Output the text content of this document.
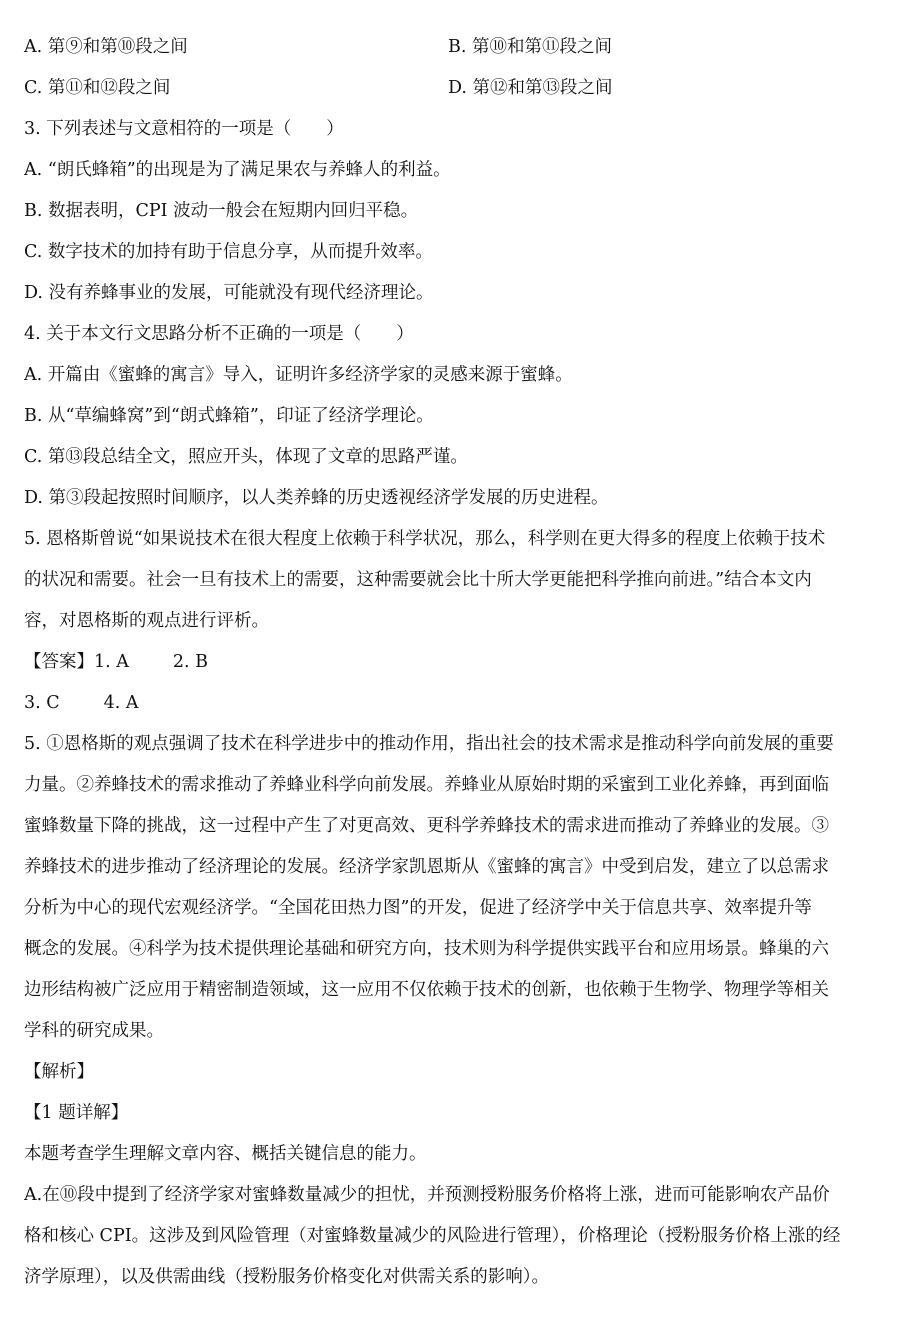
A. 第⑨和第⑩段之间	B. 第⑩和第⑪段之间
C. 第⑪和⑫段之间	D. 第⑫和第⑬段之间
3. 下列表述与文意相符的一项是（　　）
A. “朗氏蜂箱”的出现是为了满足果农与养蜂人的利益。
B. 数据表明，CPI 波动一般会在短期内回归平稳。
C. 数字技术的加持有助于信息分享，从而提升效率。
D. 没有养蜂事业的发展，可能就没有现代经济理论。
4. 关于本文行文思路分析不正确的一项是（　　）
A. 开篇由《蜜蜂的寓言》导入，证明许多经济学家的灵感来源于蜜蜂。
B. 从“草编蜂窝”到“朗式蜂箱”，印证了经济学理论。
C. 第⑬段总结全文，照应开头，体现了文章的思路严谨。
D. 第③段起按照时间顺序，以人类养蜂的历史透视经济学发展的历史进程。
5. 恩格斯曾说“如果说技术在很大程度上依赖于科学状况，那么，科学则在更大得多的程度上依赖于技术
的状况和需要。社会一旦有技术上的需要，这种需要就会比十所大学更能把科学推向前进。”结合本文内
容，对恩格斯的观点进行评析。
【答案】1. A	2. B
3. C	4. A
5. ①恩格斯的观点强调了技术在科学进步中的推动作用，指出社会的技术需求是推动科学向前发展的重要
力量。②养蜂技术的需求推动了养蜂业科学向前发展。养蜂业从原始时期的采蜜到工业化养蜂，再到面临
蜜蜂数量下降的挑战，这一过程中产生了对更高效、更科学养蜂技术的需求进而推动了养蜂业的发展。③
养蜂技术的进步推动了经济理论的发展。经济学家凯恩斯从《蜜蜂的寓言》中受到启发，建立了以总需求
分析为中心的现代宏观经济学。“全国花田热力图”的开发，促进了经济学中关于信息共享、效率提升等
概念的发展。④科学为技术提供理论基础和研究方向，技术则为科学提供实践平台和应用场景。蜂巢的六
边形结构被广泛应用于精密制造领域，这一应用不仅依赖于技术的创新，也依赖于生物学、物理学等相关
学科的研究成果。
【解析】
【1 题详解】
本题考查学生理解文章内容、概括关键信息的能力。
A.在⑩段中提到了经济学家对蜜蜂数量减少的担忧，并预测授粉服务价格将上涨，进而可能影响农产品价
格和核心 CPI。这涉及到风险管理（对蜜蜂数量减少的风险进行管理），价格理论（授粉服务价格上涨的经
济学原理），以及供需曲线（授粉服务价格变化对供需关系的影响）。
